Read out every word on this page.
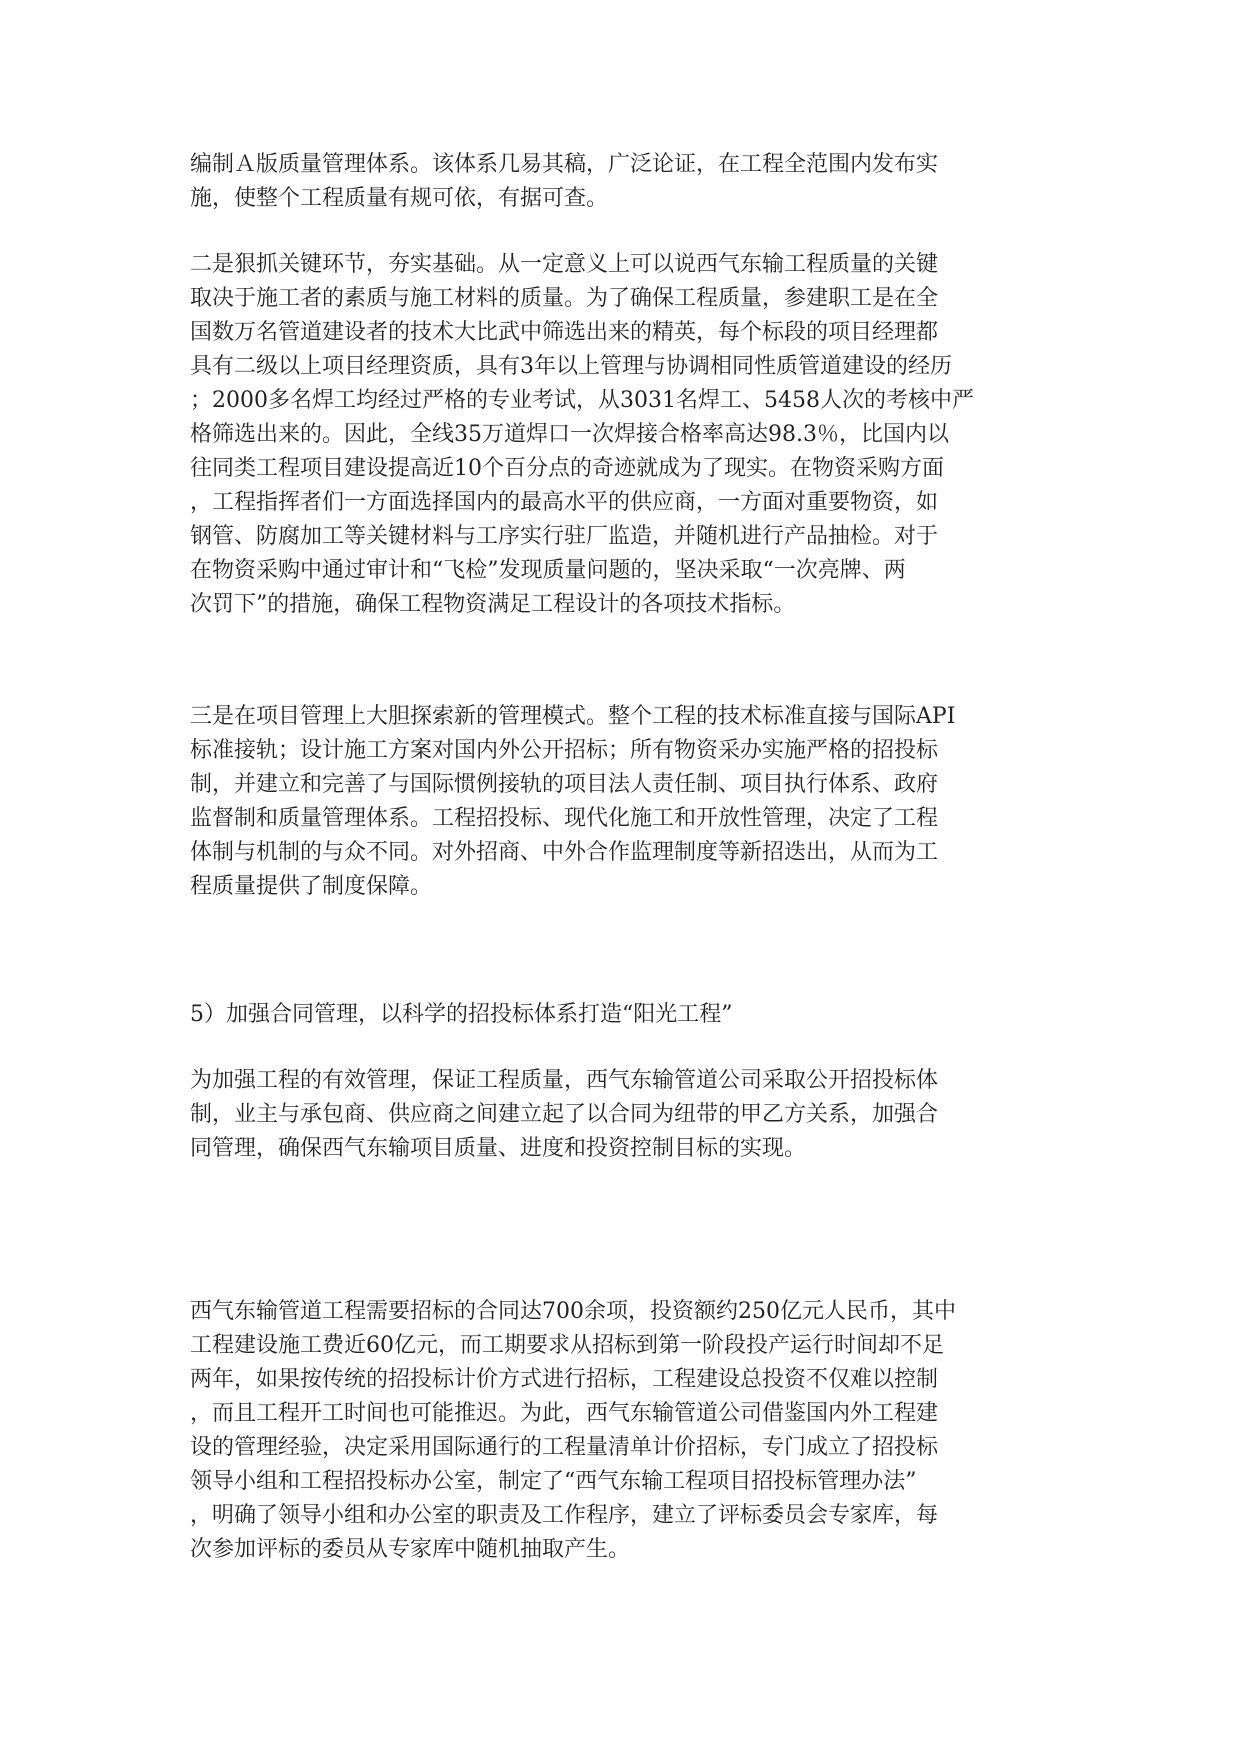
编制Ａ版质量管理体系。该体系几易其稿，广泛论证，在工程全范围内发布实
施，使整个工程质量有规可依，有据可查。
二是狠抓关键环节，夯实基础。从一定意义上可以说西气东输工程质量的关键
取决于施工者的素质与施工材料的质量。为了确保工程质量，参建职工是在全
国数万名管道建设者的技术大比武中筛选出来的精英，每个标段的项目经理都
具有二级以上项目经理资质，具有3年以上管理与协调相同性质管道建设的经历
；2000多名焊工均经过严格的专业考试，从3031名焊工、5458人次的考核中严
格筛选出来的。因此，全线35万道焊口一次焊接合格率高达98.3％，比国内以
往同类工程项目建设提高近10个百分点的奇迹就成为了现实。在物资采购方面
，工程指挥者们一方面选择国内的最高水平的供应商，一方面对重要物资，如
钢管、防腐加工等关键材料与工序实行驻厂监造，并随机进行产品抽检。对于
在物资采购中通过审计和“飞检”发现质量问题的，坚决采取“一次亮牌、两
次罚下”的措施，确保工程物资满足工程设计的各项技术指标。
三是在项目管理上大胆探索新的管理模式。整个工程的技术标准直接与国际API
标准接轨；设计施工方案对国内外公开招标；所有物资采办实施严格的招投标
制，并建立和完善了与国际惯例接轨的项目法人责任制、项目执行体系、政府
监督制和质量管理体系。工程招投标、现代化施工和开放性管理，决定了工程
体制与机制的与众不同。对外招商、中外合作监理制度等新招迭出，从而为工
程质量提供了制度保障。
5）加强合同管理，以科学的招投标体系打造“阳光工程”
为加强工程的有效管理，保证工程质量，西气东输管道公司采取公开招投标体
制，业主与承包商、供应商之间建立起了以合同为纽带的甲乙方关系，加强合
同管理，确保西气东输项目质量、进度和投资控制目标的实现。
西气东输管道工程需要招标的合同达700余项，投资额约250亿元人民币，其中
工程建设施工费近60亿元，而工期要求从招标到第一阶段投产运行时间却不足
两年，如果按传统的招投标计价方式进行招标，工程建设总投资不仅难以控制
，而且工程开工时间也可能推迟。为此，西气东输管道公司借鉴国内外工程建
设的管理经验，决定采用国际通行的工程量清单计价招标，专门成立了招投标
领导小组和工程招投标办公室，制定了“西气东输工程项目招投标管理办法”
，明确了领导小组和办公室的职责及工作程序，建立了评标委员会专家库，每
次参加评标的委员从专家库中随机抽取产生。
